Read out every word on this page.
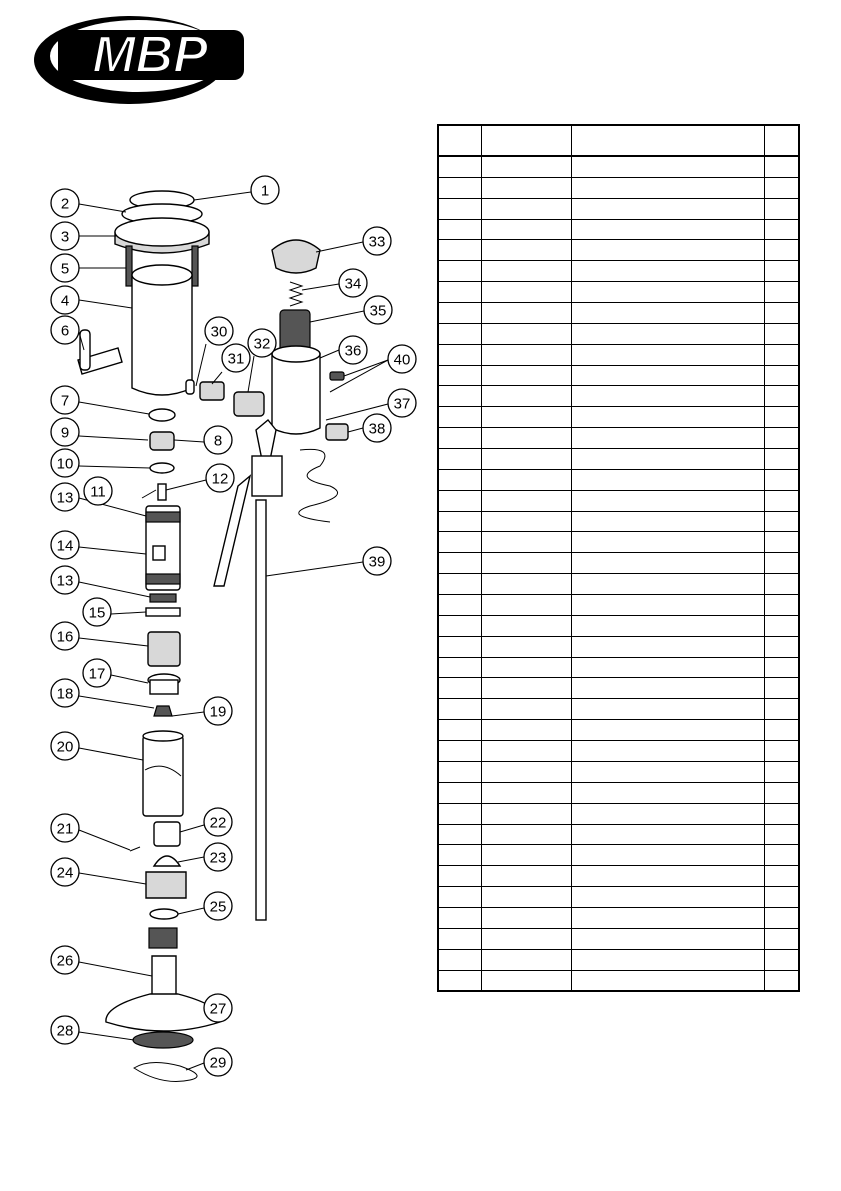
MBP
1
2
3
5
4
6	30
31
32
7
9	8
10
12
11
13
14
13
15
16
17
18
19
20
21	22
23
24
25
26
27
28
29
33
34
35
36
40
37
38
39
